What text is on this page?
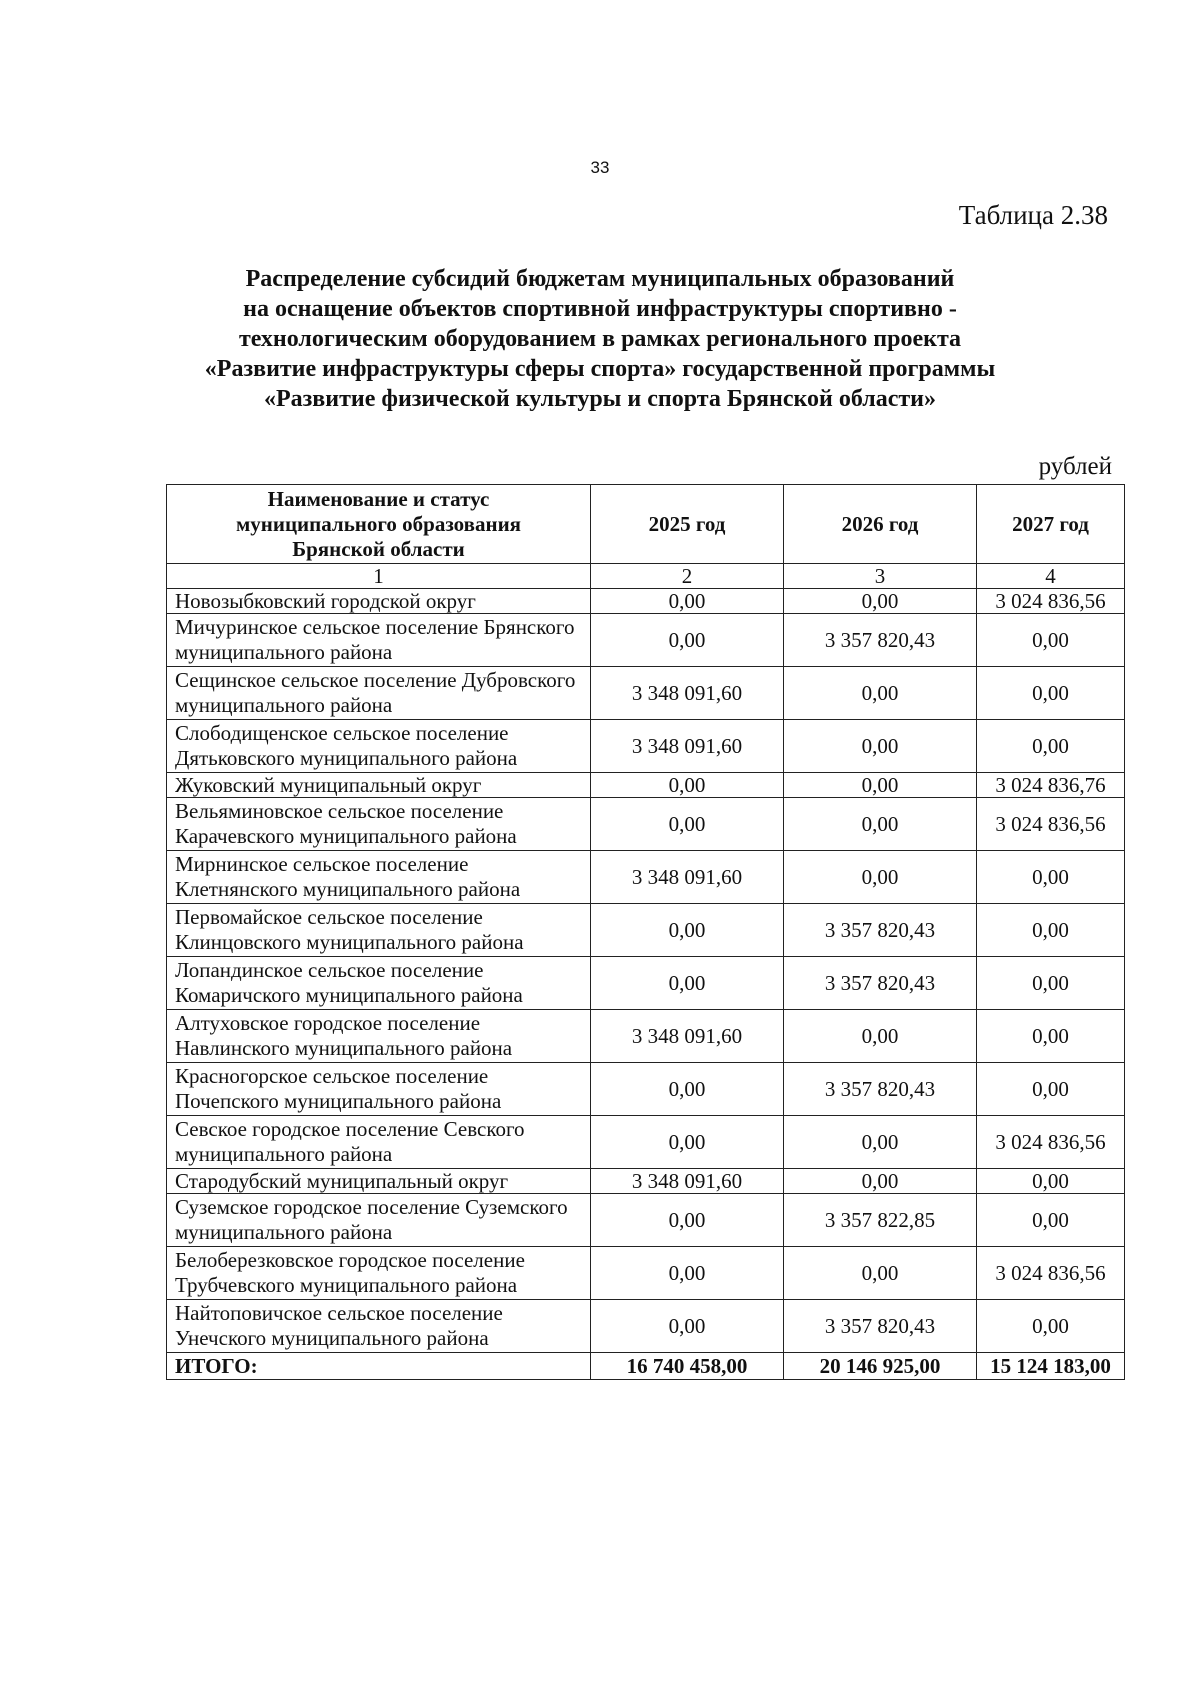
33
Таблица 2.38
Распределение субсидий бюджетам муниципальных образований
на оснащение объектов спортивной инфраструктуры спортивно -
технологическим оборудованием в рамках регионального проекта
«Развитие инфраструктуры сферы спорта» государственной программы
«Развитие физической культуры и спорта Брянской области»
рублей
Наименование и статус муниципального образования Брянской области	2025 год	2026 год	2027 год
1	2	3	4
Новозыбковский городской округ	0,00	0,00	3 024 836,56
Мичуринское сельское поселение Брянского муниципального района	0,00	3 357 820,43	0,00
Сещинское сельское поселение Дубровского муниципального района	3 348 091,60	0,00	0,00
Слободищенское сельское поселение Дятьковского муниципального района	3 348 091,60	0,00	0,00
Жуковский муниципальный округ	0,00	0,00	3 024 836,76
Вельяминовское сельское поселение Карачевского муниципального района	0,00	0,00	3 024 836,56
Мирнинское сельское поселение Клетнянского муниципального района	3 348 091,60	0,00	0,00
Первомайское сельское поселение Клинцовского муниципального района	0,00	3 357 820,43	0,00
Лопандинское сельское поселение Комаричского муниципального района	0,00	3 357 820,43	0,00
Алтуховское городское поселение Навлинского муниципального района	3 348 091,60	0,00	0,00
Красногорское сельское поселение Почепского муниципального района	0,00	3 357 820,43	0,00
Севское городское поселение Севского муниципального района	0,00	0,00	3 024 836,56
Стародубский муниципальный округ	3 348 091,60	0,00	0,00
Суземское городское поселение Суземского муниципального района	0,00	3 357 822,85	0,00
Белоберезковское городское поселение Трубчевского муниципального района	0,00	0,00	3 024 836,56
Найтоповичское сельское поселение Унечского муниципального района	0,00	3 357 820,43	0,00
ИТОГО:	16 740 458,00	20 146 925,00	15 124 183,00
